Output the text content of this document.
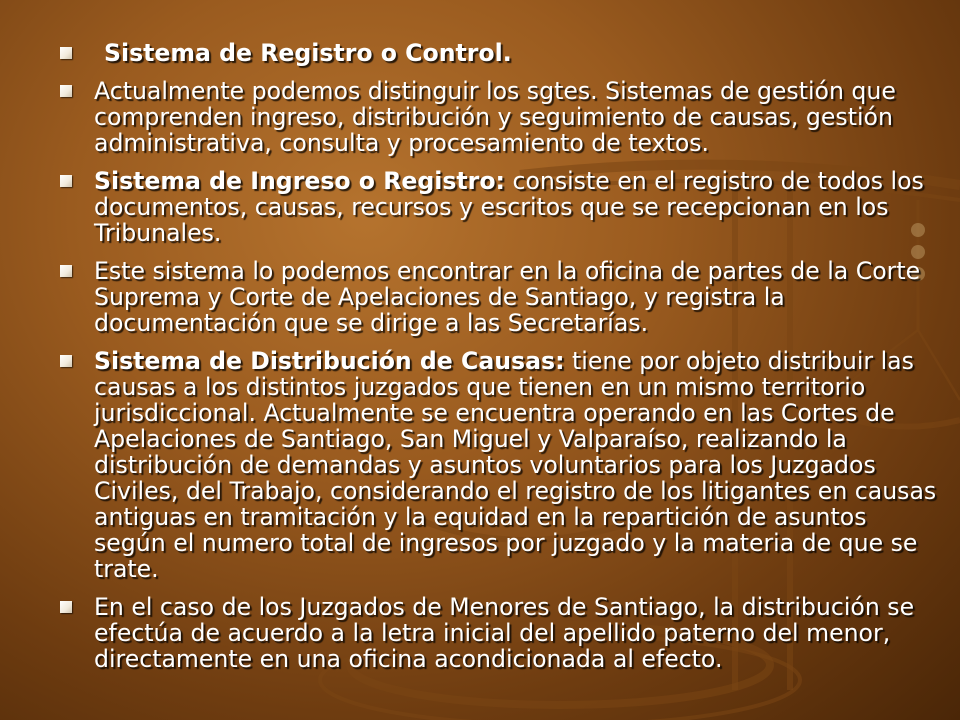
Sistema de Registro o Control.
Actualmente podemos distinguir los sgtes. Sistemas de gestión que comprenden ingreso, distribución y seguimiento de causas, gestión administrativa, consulta y procesamiento de textos.
Sistema de Ingreso o Registro: consiste en el registro de todos los documentos, causas, recursos y escritos que se recepcionan en los Tribunales.
Este sistema lo podemos encontrar en la oficina de partes de la Corte Suprema y Corte de Apelaciones de Santiago, y registra la documentación que se dirige a las Secretarías.
Sistema de Distribución de Causas: tiene por objeto distribuir las causas a los distintos juzgados que tienen en un mismo territorio jurisdiccional. Actualmente se encuentra operando en las Cortes de Apelaciones de Santiago, San Miguel y Valparaíso, realizando la distribución de demandas y asuntos voluntarios para los Juzgados Civiles, del Trabajo, considerando el registro de los litigantes en causas antiguas en tramitación y la equidad en la repartición de asuntos según el numero total de ingresos por juzgado y la materia de que se trate.
En el caso de los Juzgados de Menores de Santiago, la distribución se efectúa de acuerdo a la letra inicial del apellido paterno del menor, directamente en una oficina acondicionada al efecto.
